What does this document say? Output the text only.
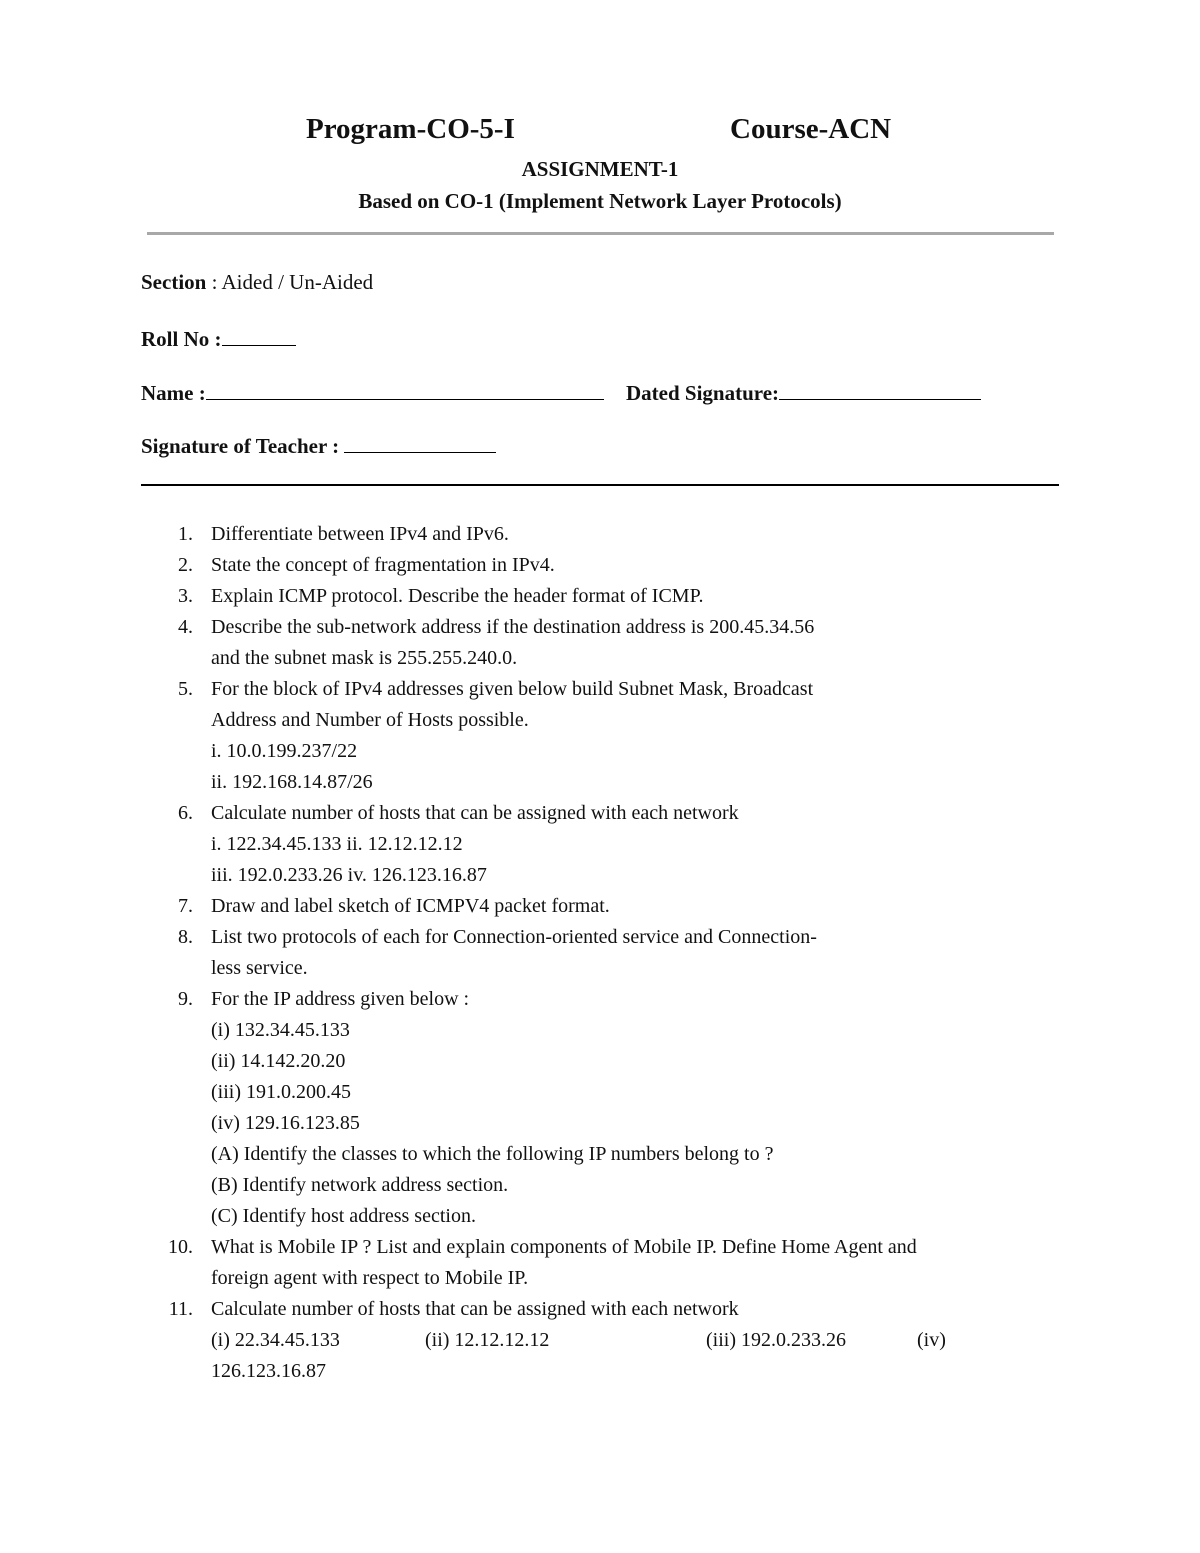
Program-CO-5-I	Course-ACN
ASSIGNMENT-1
Based on CO-1 (Implement Network Layer Protocols)
Section : Aided / Un-Aided
Roll No :
Name :	Dated Signature:
Signature of Teacher :
1. Differentiate between IPv4 and IPv6.
2. State the concept of fragmentation in IPv4.
3. Explain ICMP protocol. Describe the header format of ICMP.
4. Describe the sub-network address if the destination address is 200.45.34.56
and the subnet mask is 255.255.240.0.
5. For the block of IPv4 addresses given below build Subnet Mask, Broadcast
Address and Number of Hosts possible.
i. 10.0.199.237/22
ii. 192.168.14.87/26
6. Calculate number of hosts that can be assigned with each network
i. 122.34.45.133 ii. 12.12.12.12
iii. 192.0.233.26 iv. 126.123.16.87
7. Draw and label sketch of ICMPV4 packet format.
8. List two protocols of each for Connection-oriented service and Connection-
less service.
9. For the IP address given below :
(i) 132.34.45.133
(ii) 14.142.20.20
(iii) 191.0.200.45
(iv) 129.16.123.85
(A) Identify the classes to which the following IP numbers belong to ?
(B) Identify network address section.
(C) Identify host address section.
10. What is Mobile IP ? List and explain components of Mobile IP. Define Home Agent and
foreign agent with respect to Mobile IP.
11. Calculate number of hosts that can be assigned with each network
(i) 22.34.45.133	(ii) 12.12.12.12	(iii) 192.0.233.26	(iv)
126.123.16.87
